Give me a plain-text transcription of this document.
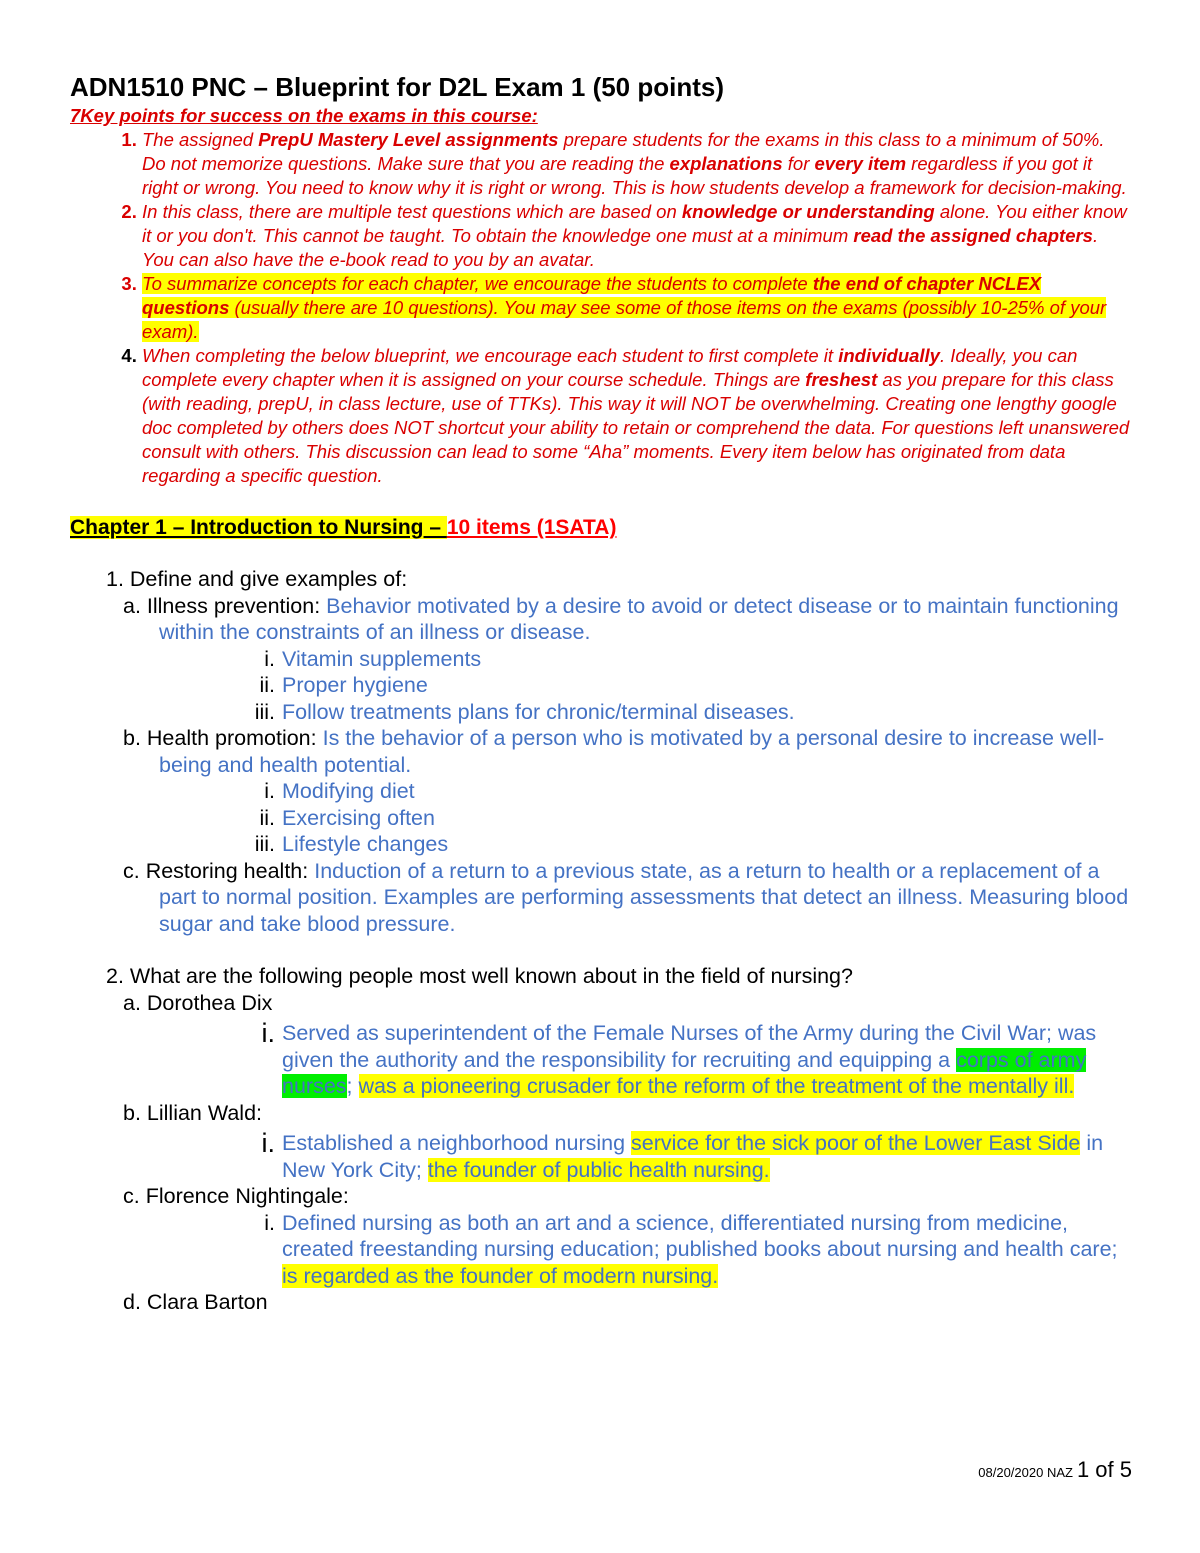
ADN1510 PNC – Blueprint for D2L Exam 1 (50 points)
7Key points for success on the exams in this course:
1. The assigned PrepU Mastery Level assignments prepare students for the exams in this class to a minimum of 50%. Do not memorize questions. Make sure that you are reading the explanations for every item regardless if you got it right or wrong. You need to know why it is right or wrong. This is how students develop a framework for decision-making.
2. In this class, there are multiple test questions which are based on knowledge or understanding alone. You either know it or you don't. This cannot be taught. To obtain the knowledge one must at a minimum read the assigned chapters. You can also have the e-book read to you by an avatar.
3. To summarize concepts for each chapter, we encourage the students to complete the end of chapter NCLEX questions (usually there are 10 questions). You may see some of those items on the exams (possibly 10-25% of your exam).
4. When completing the below blueprint, we encourage each student to first complete it individually. Ideally, you can complete every chapter when it is assigned on your course schedule. Things are freshest as you prepare for this class (with reading, prepU, in class lecture, use of TTKs). This way it will NOT be overwhelming. Creating one lengthy google doc completed by others does NOT shortcut your ability to retain or comprehend the data. For questions left unanswered consult with others. This discussion can lead to some “Aha” moments. Every item below has originated from data regarding a specific question.
Chapter 1 – Introduction to Nursing – 10 items (1SATA)
1. Define and give examples of:
a. Illness prevention: Behavior motivated by a desire to avoid or detect disease or to maintain functioning within the constraints of an illness or disease.
i. Vitamin supplements
ii. Proper hygiene
iii. Follow treatments plans for chronic/terminal diseases.
b. Health promotion: Is the behavior of a person who is motivated by a personal desire to increase well-being and health potential.
i. Modifying diet
ii. Exercising often
iii. Lifestyle changes
c. Restoring health: Induction of a return to a previous state, as a return to health or a replacement of a part to normal position. Examples are performing assessments that detect an illness. Measuring blood sugar and take blood pressure.
2. What are the following people most well known about in the field of nursing?
a. Dorothea Dix
i. Served as superintendent of the Female Nurses of the Army during the Civil War; was given the authority and the responsibility for recruiting and equipping a corps of army nurses; was a pioneering crusader for the reform of the treatment of the mentally ill.
b. Lillian Wald:
i. Established a neighborhood nursing service for the sick poor of the Lower East Side in New York City; the founder of public health nursing.
c. Florence Nightingale:
i. Defined nursing as both an art and a science, differentiated nursing from medicine, created freestanding nursing education; published books about nursing and health care; is regarded as the founder of modern nursing.
d. Clara Barton
08/20/2020 NAZ 1 of 5
